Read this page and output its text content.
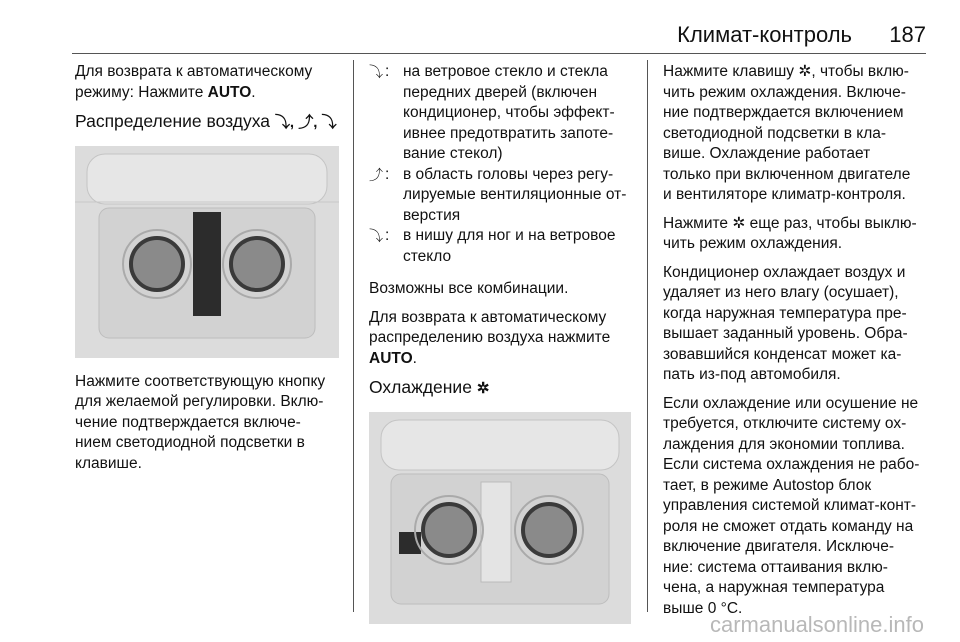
Климат-контроль 187

Для возврата к автоматическому
режиму: Нажмите AUTO.

Распределение воздуха ⤵, ⤴, ⤵

Нажмите соответствующую кнопку
для желаемой регулировки. Вклю-
чение подтверждается включе-
нием светодиодной подсветки в
клавише.

⤵ : на ветровое стекло и стекла
передних дверей (включен
кондиционер, чтобы эффект-
ивнее предотвратить запоте-
вание стекол)
⤴ : в область головы через регу-
лируемые вентиляционные от-
верстия
⤵ : в нишу для ног и на ветровое
стекло

Возможны все комбинации.

Для возврата к автоматическому
распределению воздуха нажмите
AUTO.

Охлаждение ✲

Нажмите клавишу ✲, чтобы вклю-
чить режим охлаждения. Включе-
ние подтверждается включением
светодиодной подсветки в кла-
више. Охлаждение работает
только при включенном двигателе
и вентиляторе климатр-контроля.

Нажмите ✲ еще раз, чтобы выклю-
чить режим охлаждения.

Кондиционер охлаждает воздух и
удаляет из него влагу (осушает),
когда наружная температура пре-
вышает заданный уровень. Обра-
зовавшийся конденсат может ка-
пать из-под автомобиля.

Если охлаждение или осушение не
требуется, отключите систему ох-
лаждения для экономии топлива.
Если система охлаждения не рабо-
тает, в режиме Autostop блок
управления системой климат-конт-
роля не сможет отдать команду на
включение двигателя. Исключе-
ние: система оттаивания вклю-
чена, а наружная температура
выше 0 °C.

carmanualsonline.info
